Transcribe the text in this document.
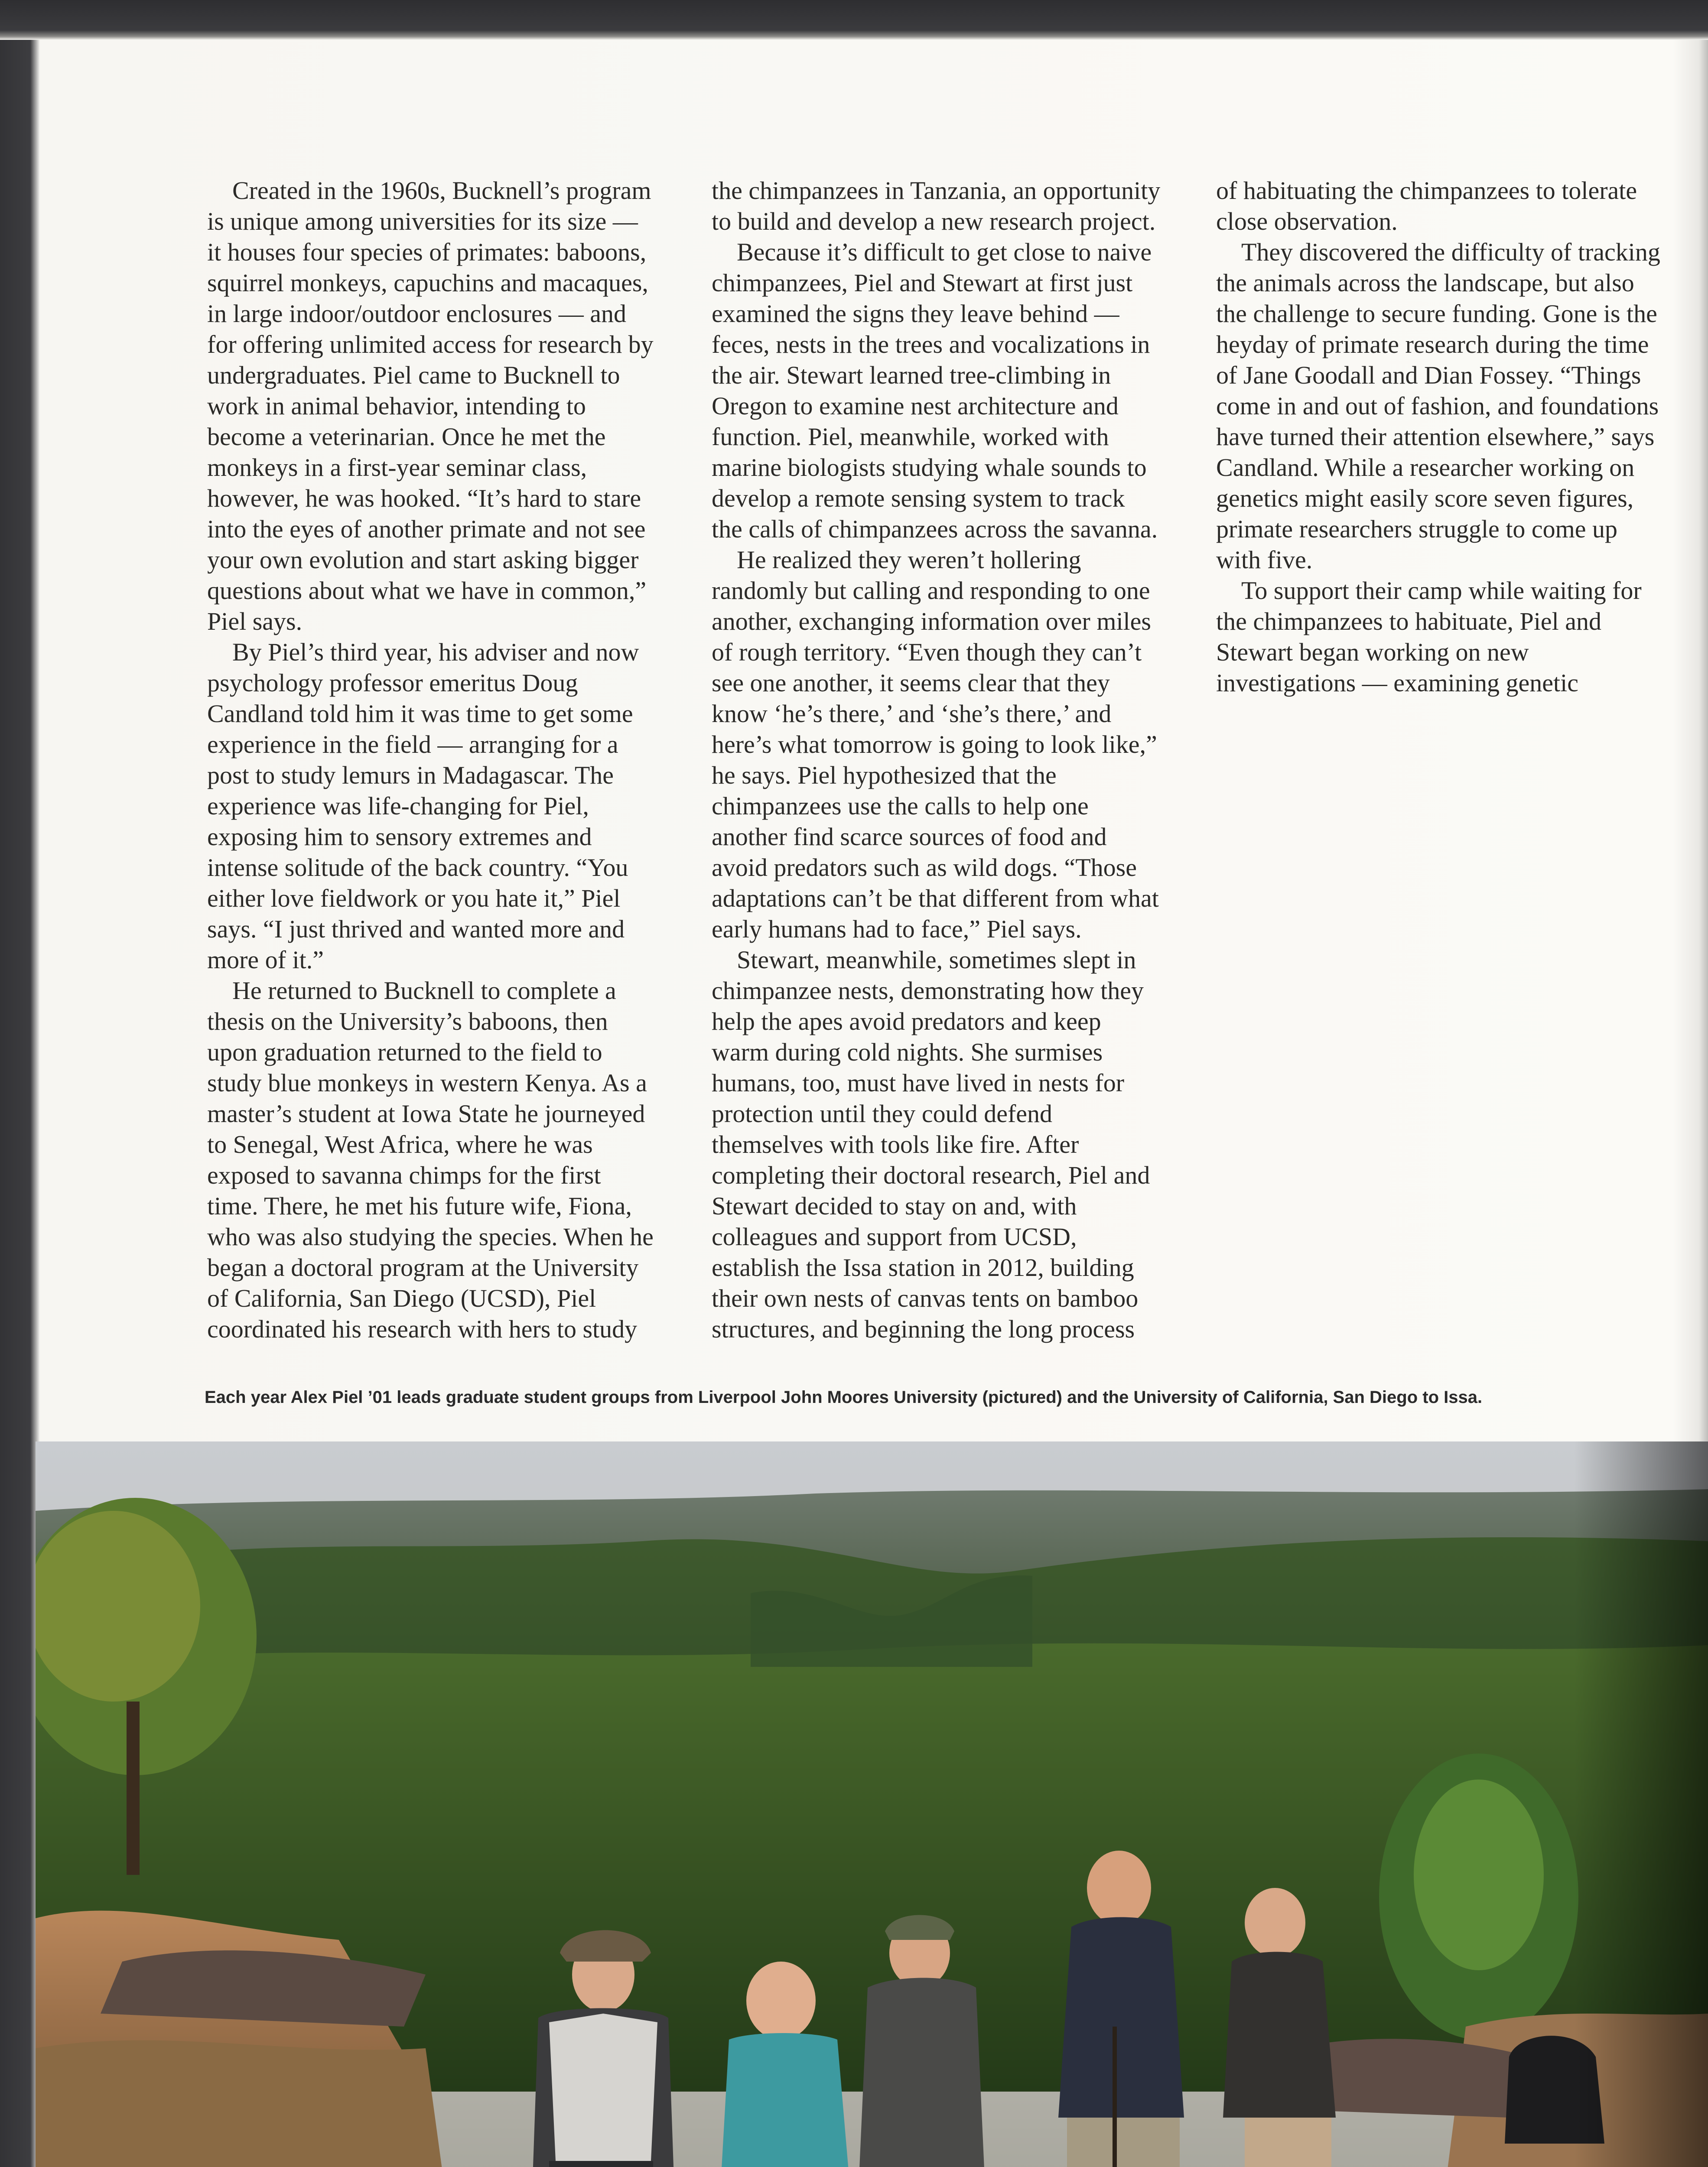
Created in the 1960s, Bucknell’s program is unique among universities for its size — it houses four species of primates: baboons, squirrel monkeys, capuchins and macaques, in large indoor/outdoor enclosures — and for offering unlimited access for research by undergraduates. Piel came to Bucknell to work in animal behavior, intending to become a veterinarian. Once he met the monkeys in a first-year seminar class, however, he was hooked. “It’s hard to stare into the eyes of another primate and not see your own evolution and start asking bigger questions about what we have in common,” Piel says.

By Piel’s third year, his adviser and now psychology professor emeritus Doug Candland told him it was time to get some experience in the field — arranging for a post to study lemurs in Madagascar. The experience was life-changing for Piel, exposing him to sensory extremes and intense solitude of the back country. “You either love fieldwork or you hate it,” Piel says. “I just thrived and wanted more and more of it.”

He returned to Bucknell to complete a thesis on the University’s baboons, then upon graduation returned to the field to study blue monkeys in western Kenya. As a master’s student at Iowa State he journeyed to Senegal, West Africa, where he was exposed to savanna chimps for the first time. There, he met his future wife, Fiona, who was also studying the species. When he began a doctoral program at the University of California, San Diego (UCSD), Piel coordinated his research with hers to study the chimpanzees in Tanzania, an opportunity to build and develop a new research project.

Because it’s difficult to get close to naive chimpanzees, Piel and Stewart at first just examined the signs they leave behind — feces, nests in the trees and vocalizations in the air. Stewart learned tree-climbing in Oregon to examine nest architecture and function. Piel, meanwhile, worked with marine biologists studying whale sounds to develop a remote sensing system to track the calls of chimpanzees across the savanna.

He realized they weren’t hollering randomly but calling and responding to one another, exchanging information over miles of rough territory. “Even though they can’t see one another, it seems clear that they know ‘he’s there,’ and ‘she’s there,’ and here’s what tomorrow is going to look like,” he says. Piel hypothesized that the chimpanzees use the calls to help one another find scarce sources of food and avoid predators such as wild dogs. “Those adaptations can’t be that different from what early humans had to face,” Piel says.

Stewart, meanwhile, sometimes slept in chimpanzee nests, demonstrating how they help the apes avoid predators and keep warm during cold nights. She surmises humans, too, must have lived in nests for protection until they could defend themselves with tools like fire. After completing their doctoral research, Piel and Stewart decided to stay on and, with colleagues and support from UCSD, establish the Issa station in 2012, building their own nests of canvas tents on bamboo structures, and beginning the long process of habituating the chimpanzees to tolerate close observation.

They discovered the difficulty of tracking the animals across the landscape, but also the challenge to secure funding. Gone is the heyday of primate research during the time of Jane Goodall and Dian Fossey. “Things come in and out of fashion, and foundations have turned their attention elsewhere,” says Candland. While a researcher working on genetics might easily score seven figures, primate researchers struggle to come up with five.

To support their camp while waiting for the chimpanzees to habituate, Piel and Stewart began working on new investigations — examining genetic

Each year Alex Piel ’01 leads graduate student groups from Liverpool John Moores University (pictured) and the University of California, San Diego to Issa.
